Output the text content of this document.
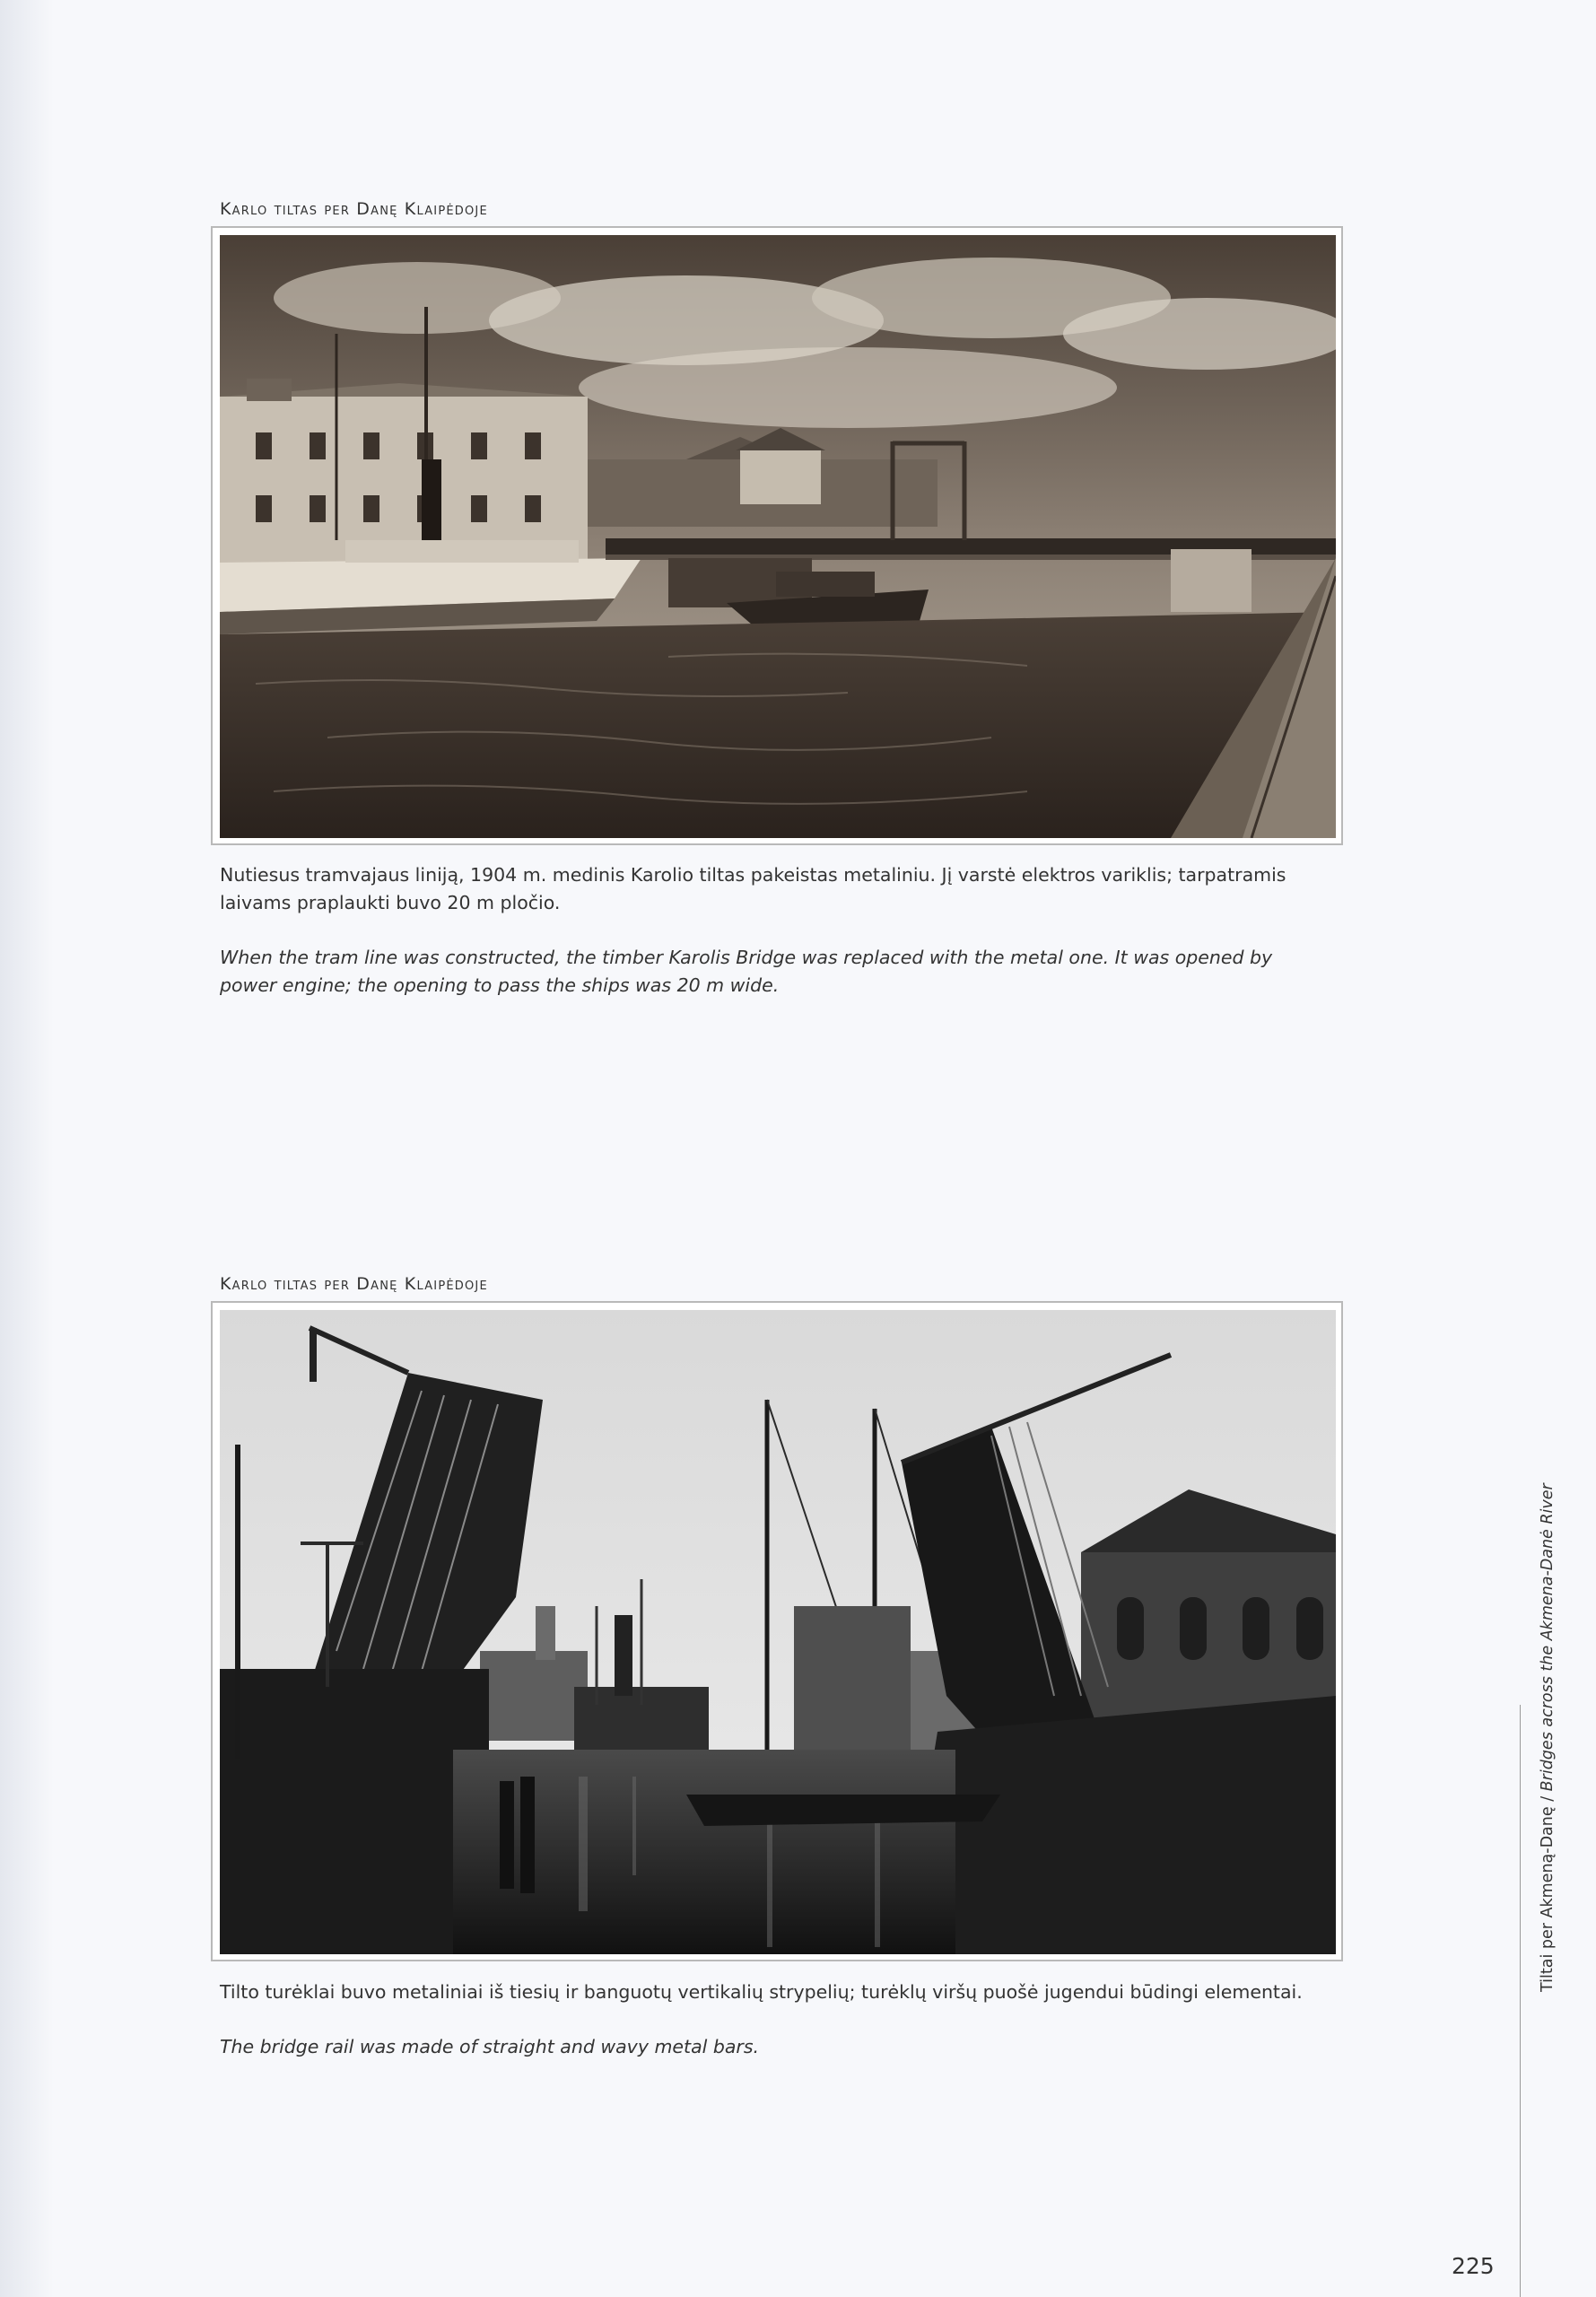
Karlo tiltas per Danę Klaipėdoje

Nutiesus tramvajaus liniją, 1904 m. medinis Karolio tiltas pakeistas metaliniu. Jį varstė elektros variklis; tarpatramis laivams praplaukti buvo 20 m pločio.

When the tram line was constructed, the timber Karolis Bridge was replaced with the metal one. It was opened by power engine; the opening to pass the ships was 20 m wide.

Karlo tiltas per Danę Klaipėdoje

Tilto turėklai buvo metaliniai iš tiesių ir banguotų vertikalių strypelių; turėklų viršų puošė jugendui būdingi elementai.

The bridge rail was made of straight and wavy metal bars.

Tiltai per Akmeną-Danę / Bridges across the Akmena-Danė River
225
